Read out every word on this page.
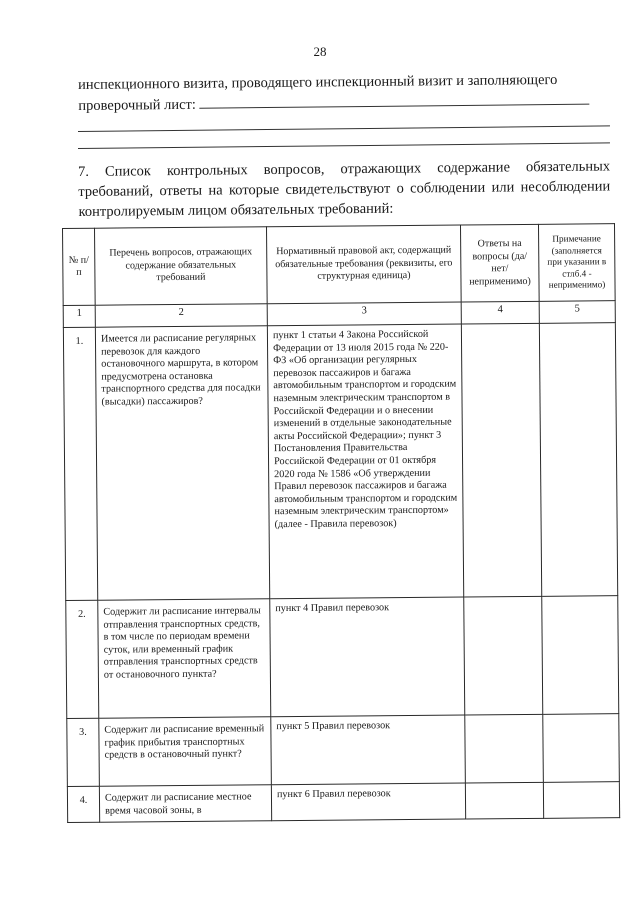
28
инспекционного визита, проводящего инспекционный визит и заполняющего
проверочный лист:
7. Список контрольных вопросов, отражающих содержание обязательных требований, ответы на которые свидетельствуют о соблюдении или несоблюдении контролируемым лицом обязательных требований:
№ п/п	Перечень вопросов, отражающих содержание обязательных требований	Нормативный правовой акт, содержащий обязательные требования (реквизиты, его структурная единица)	Ответы на вопросы (да/нет/ неприменимо)	Примечание (заполняется при указании в стлб.4 - неприменимо)
1	2	3	4	5
1.	Имеется ли расписание регулярных перевозок для каждого остановочного маршрута, в котором предусмотрена остановка транспортного средства для посадки (высадки) пассажиров?	пункт 1 статьи 4 Закона Российской Федерации от 13 июля 2015 года № 220-ФЗ «Об организации регулярных перевозок пассажиров и багажа автомобильным транспортом и городским наземным электрическим транспортом в Российской Федерации и о внесении изменений в отдельные законодательные акты Российской Федерации»; пункт 3 Постановления Правительства Российской Федерации от 01 октября 2020 года № 1586 «Об утверждении Правил перевозок пассажиров и багажа автомобильным транспортом и городским наземным электрическим транспортом» (далее - Правила перевозок)		
2.	Содержит ли расписание интервалы отправления транспортных средств, в том числе по периодам времени суток, или временный график отправления транспортных средств от остановочного пункта?	пункт 4 Правил перевозок		
3.	Содержит ли расписание временный график прибытия транспортных средств в остановочный пункт?	пункт 5 Правил перевозок		
4.	Содержит ли расписание местное время часовой зоны, в	пункт 6 Правил перевозок		
